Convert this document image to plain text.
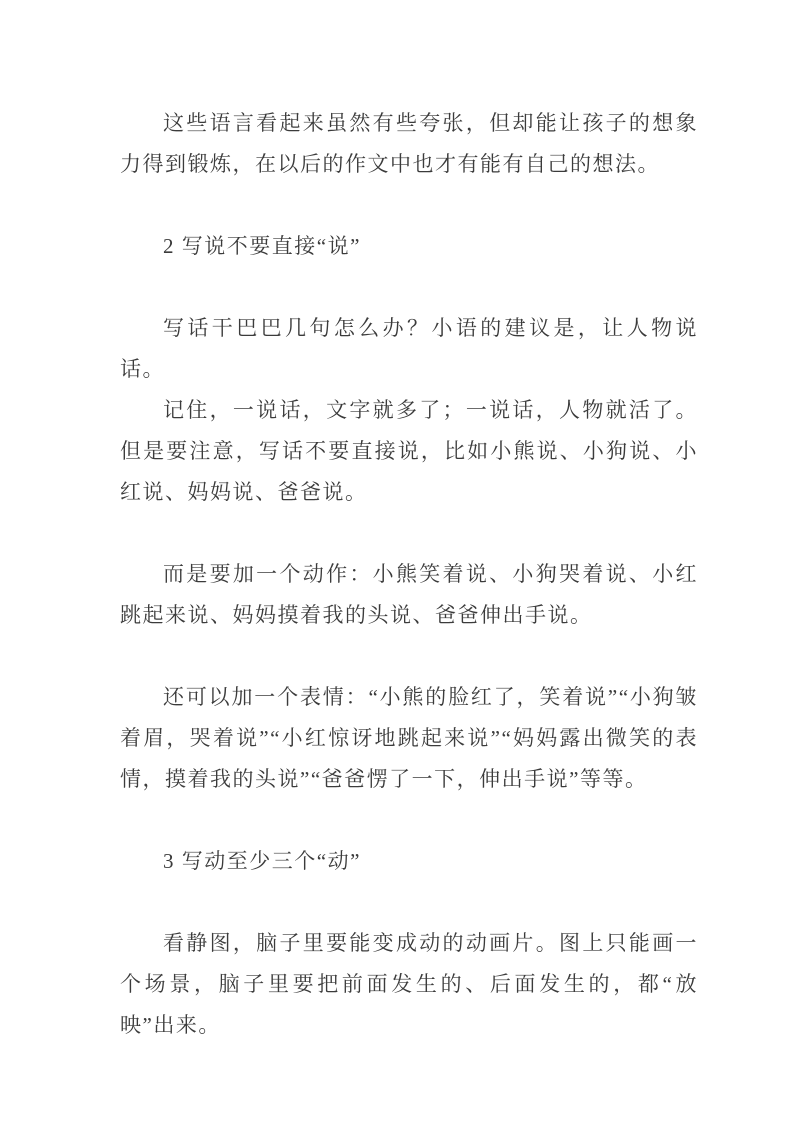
这些语言看起来虽然有些夸张，但却能让孩子的想象力得到锻炼，在以后的作文中也才有能有自己的想法。

2 写说不要直接“说”

写话干巴巴几句怎么办？小语的建议是，让人物说话。

记住，一说话，文字就多了；一说话，人物就活了。但是要注意，写话不要直接说，比如小熊说、小狗说、小红说、妈妈说、爸爸说。

而是要加一个动作：小熊笑着说、小狗哭着说、小红跳起来说、妈妈摸着我的头说、爸爸伸出手说。

还可以加一个表情：“小熊的脸红了，笑着说”“小狗皱着眉，哭着说”“小红惊讶地跳起来说”“妈妈露出微笑的表情，摸着我的头说”“爸爸愣了一下，伸出手说”等等。

3 写动至少三个“动”

看静图，脑子里要能变成动的动画片。图上只能画一个场景，脑子里要把前面发生的、后面发生的，都“放映”出来。
